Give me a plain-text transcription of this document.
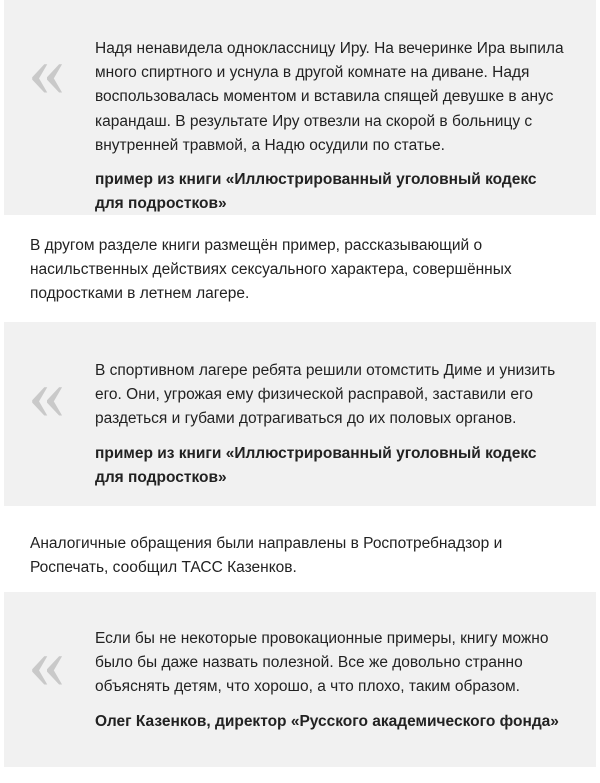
« Надя ненавидела одноклассницу Иру. На вечеринке Ира выпила много спиртного и уснула в другой комнате на диване. Надя воспользовалась моментом и вставила спящей девушке в анус карандаш. В результате Иру отвезли на скорой в больницу с внутренней травмой, а Надю осудили по статье.

пример из книги «Иллюстрированный уголовный кодекс для подростков»

В другом разделе книги размещён пример, рассказывающий о насильственных действиях сексуального характера, совершённых подростками в летнем лагере.

« В спортивном лагере ребята решили отомстить Диме и унизить его. Они, угрожая ему физической расправой, заставили его раздеться и губами дотрагиваться до их половых органов.

пример из книги «Иллюстрированный уголовный кодекс для подростков»

Аналогичные обращения были направлены в Роспотребнадзор и Роспечать, сообщил ТАСС Казенков.

« Если бы не некоторые провокационные примеры, книгу можно было бы даже назвать полезной. Все же довольно странно объяснять детям, что хорошо, а что плохо, таким образом.

Олег Казенков, директор «Русского академического фонда»
